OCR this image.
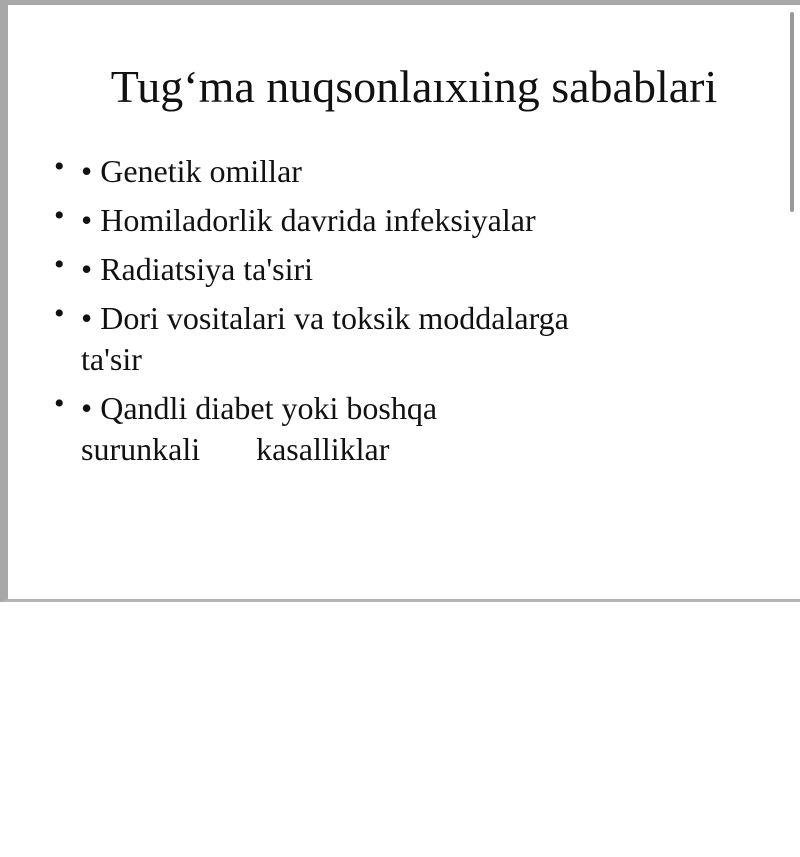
Tug‘ma nuqsonlaıxıing sabablari
• • Genetik omillar
• • Homiladorlik davrida infeksiyalar
• • Radiatsiya ta'siri
• • Dori vositalari va toksik moddalarga
ta'sir
• • Qandli diabet yoki boshqa
surunkali       kasalliklar
